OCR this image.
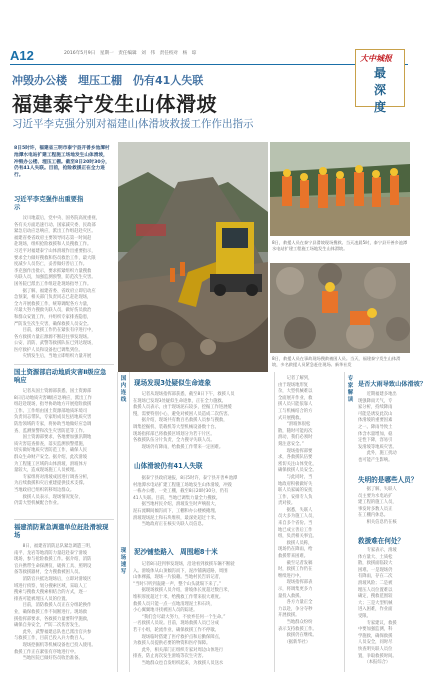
A12	2016年5月9日　星期一　责任编辑　刘　伟　责任校对　杨　琼	大中城报
最深度
冲毁办公楼　埋压工棚　仍有41人失联
福建泰宁发生山体滑坡
习近平李克强分别对福建山体滑坡救援工作作出指示

8日5时许，福建省三明市泰宁县开善乡池潭村池潭水电站扩建工程施工场地发生山体滑坡，冲毁办公楼、埋压工棚。截至8日20时30分，仍有41人失联。目前，抢险救援正在全力进行。

习近平李克强作出重要指示
　　汶川地震后，党中央、国务院高度重视，
各有关方面迅速行动。国家减灾委、民政部
紧急启动应急响应，派出工作组赶赴灾区。
福建省委省政府主要领导同志第一时间赶
赴现场，组织抢险救援和人员搜救工作。
习近平对福建泰宁山体滑坡作出重要指示，
要求全力做好搜救和伤员救治工作，最大限
度减少人员伤亡，妥善做好善后工作。
李克强作出批示，要求抓紧组织力量搜救
失联人员，加强监测预警，防范次生灾害。
国务院已派出工作组赶赴现场指导工作。
　　据了解，福建省委、省政府立即启动应
急预案，相关部门负责同志已赶赴现场，
全力开展救援工作，统筹调配各方力量，
尽最大努力搜救失联人员，做好伤员救治
和群众安置工作，并组织专家排查隐患，
严防发生次生灾害，确保救援人员安全。
　　目前，救援工作仍在紧张有序进行中，
各方救援力量正源源不断赶往事发现场。
公安、消防、武警等救援队伍已到达现场，
医疗救护人员和设备也已调集到位。
　　灾情发生后，当地立即组织力量开展
国土资源部启动地质灾害Ⅱ级应急响应
　　记者从国土资源部获悉，国土资源部
8日启动地质灾害Ⅱ级应急响应，派出工作
组赶赴现场，指导协助地方开展抢险救援
工作。工作组由国土资源部地质环境司
负责同志带队，专家组成员包括地质灾害
防治领域的专家，将协助当地做好应急调
查、监测预警和次生灾害防范等工作。
　　国土资源部要求，各地要加强汛期地
质灾害巡查排查，落实监测预警措施，
切实做好地质灾害防范工作，确保人民
群众生命财产安全。据介绍，此次滑坡
为工程施工区域的山体滑坡，滑坡体方
量较大，造成现场施工人员被埋。
　　专家组将对滑坡成因进行调查分析，
为后续救援和灾后重建提供技术支撑。
当地政府已组织转移周边群众。
　　救援人员表示，现场情况复杂，
仍需大型机械配合作业。
福建消防紧急调遣单位赶赴滑坡现场
　　8日，福建省消防总队紧急调遣三明、
南平、龙岩等地消防力量赶赴泰宁滑坡
现场，参与抢险救援工作。据介绍，消防
官兵携带生命探测仪、破拆工具、照明设
备等救援器材，全力搜救被困人员。
　　消防官兵抵达现场后，立即对滑坡区
域进行侦察，划分搜索区域，采取人工
搜索与搜救犬搜索相结合的方式，逐一
排查可能被埋压人员的位置。
　　目前，消防救援人员正在分组轮换作
业，确保救援工作不间断进行。现场救
援指挥部要求，各救援力量要科学施救，
确保自身安全，严防二次伤害发生。
　　此外，武警福建总队也已派出官兵参
与救援工作，目前已投入兵力数百人。
　　现场挖掘机等机械设备也已投入使用。
救援工作正在紧张有序地进行中。
　　当地医院已做好伤员收治准备。
8日，救援人员在泰宁县滑坡现场搜救。当天凌晨5时，泰宁县开善乡池潭水电站扩建工程施工场地发生山体滑坡。
8日，救援人员在事故现场搜救被困人员。当天，福建泰宁发生山体滑坡，多名救援人员紧急赶往现场。新华社发
国内连线
现场发现3处疑似生命迹象
　　记者从现场指挥部获悉，截至8日下午，救援人员
在现场已发现3处疑似生命迹象，正在全力施救。
救援人员表示，由于现场泥石较多，挖掘工作进展缓
慢，需要特别小心，避免对被困人员造成二次伤害。
　　据介绍，现场共有数百名救援人员参与搜救，
调集挖掘机、装载机等大型机械设备数十台。
现场指挥部已将救援区域划分为若干片区。
各救援队伍分片负责，全力搜寻失联人员。
　　现场仍有降雨，给救援工作带来一定困难。
山体滑坡仍有41人失联
　　据泰宁县政府通报，8日5时许，泰宁县开善乡池潭
村池潭水电站扩建工程施工场地发生山体滑坡，冲毁
一栋办公楼、一处工棚，截至8日20时30分，仍有
41人失联。目前，当地已调集力量全力搜救。
　　据当地村民介绍，滑坡发生时声响很大，
泥石流瞬间倾泻而下，工棚和办公楼被掩埋。
滑坡现场泥土和石块堆积，最深处超过十米。
　　当地政府正在核实失联人员信息。
现场速写
泥沙铺垫路入　周围超8十米
　　记者8日赶到事发现场，沿途看到救援车辆不断驶
入。滑坡体从山顶倾泻而下，泥沙铺满道路，周围
山体裸露，现场一片狼藉。当地村民告诉记者，
“当时只听到轰隆一声，整个山头就塌下来了。”
　　据现场救援人员介绍，滑坡体长度超过数百米，
堆积厚度超过十米，给搜救工作带来很大难度。
救援人员只能一点一点地清理泥土和石块，
小心翼翼地寻找被困人员的踪迹。
　　“我们会尽最大努力，不放弃任何一个生命。”
一名救援人员说。目前，现场救援人员已分成
若干小组，轮流作业，确保救援工作不停歇。
　　现场临时搭建了医疗救护点和后勤保障点，
为救援人员提供必要的物资和医疗保障。
　　此外，相关部门正组织专家对周边山体进行
排查，防止再次发生滑坡等次生灾害。
　　当地群众也自发组织起来，为救援人员送水
　　记者了解到，
由于现场地形复
杂，大型机械难以
全面展开作业，救
援人员只能依靠人
工与机械结合的方
式开展搜救。
　　“滑坡体很松
散，随时可能再次
滑动，我们必须时
刻注意安全。”
　　现场指挥部要
求，各救援队伍要
密切关注山体变化，
确保救援人员安全。
　　与此同时，当
地政府积极做好失
联人员家属的安抚
工作，安排专人负
责对接。
　　据悉，失联人
员大多为施工人员，
来自多个省份。当
地已成立善后工作
组，负责相关事宜。
　　救援人员称，
现场仍在降雨，给
救援带来困难。
　　截至记者发稿
时，救援工作仍在
继续进行中。
　　现场指挥部表
示，将调集更多力
量投入救援。
　　各方力量正全
力以赴，争分夺秒
开展救援。
　　当地群众纷纷
表示支持救援工作。
　　救援仍在继续。
　　（据新华社）
专家解读
是否大雨导致山体滑坡？
　　近期福建多地出
现强降雨天气，专
家分析，持续降雨
可能是诱发此次山
体滑坡的重要因素
之一。降雨导致土
体含水量增加，稳
定性下降，容易引
发滑坡等地质灾害。
　　此外，施工扰动
也可能产生影响。
失明的是哪些人员？
　　据了解，失联人
员主要为水电站扩
建工程的施工人员，
事发时多数人员正
在工棚内休息。
　　相关信息仍在核
救援难在何处？
　　专家表示，滑坡
体方量大、土质松
散，救援面临较大
困难。一是现场仍
有降雨，存在二次
滑坡风险；二是被
埋压人员位置难以
确定，搜救范围较
大；三是大型机械
进入困难，作业面
受限。
　　专家建议，救援
中要加强监测，科
学施救，确保救援
人员安全，同时尽
快查明失联人员位
置，争取救援时间。
　　（本报综合）
